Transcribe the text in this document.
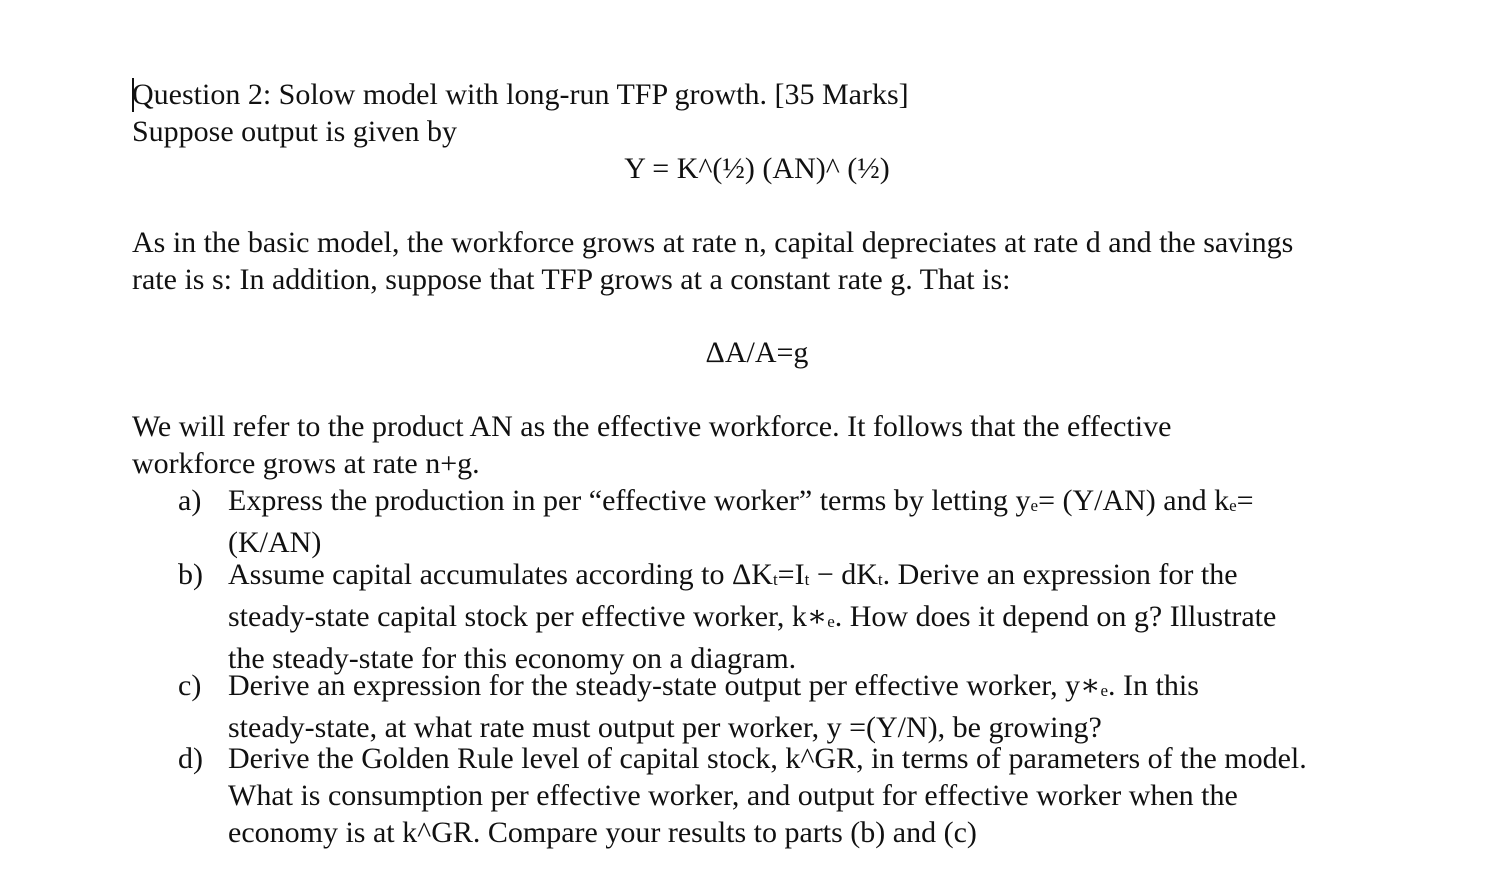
Question 2: Solow model with long-run TFP growth. [35 Marks]
Suppose output is given by
Y = K^(½) (AN)^ (½)
As in the basic model, the workforce grows at rate n, capital depreciates at rate d and the savings
rate is s: In addition, suppose that TFP grows at a constant rate g. That is:
ΔA/A=g
We will refer to the product AN as the effective workforce. It follows that the effective
workforce grows at rate n+g.
a) Express the production in per “effective worker” terms by letting $y_e= (Y/AN)$ and $k_e=$
(K/AN)
b) Assume capital accumulates according to $\Delta K_t=I_t - dK_t$. Derive an expression for the
steady-state capital stock per effective worker, $k∗_e$. How does it depend on g? Illustrate
the steady-state for this economy on a diagram.
c) Derive an expression for the steady-state output per effective worker, $y∗_e$. In this
steady-state, at what rate must output per worker, y =(Y/N), be growing?
d) Derive the Golden Rule level of capital stock, k^GR, in terms of parameters of the model.
What is consumption per effective worker, and output for effective worker when the
economy is at k^GR. Compare your results to parts (b) and (c)
